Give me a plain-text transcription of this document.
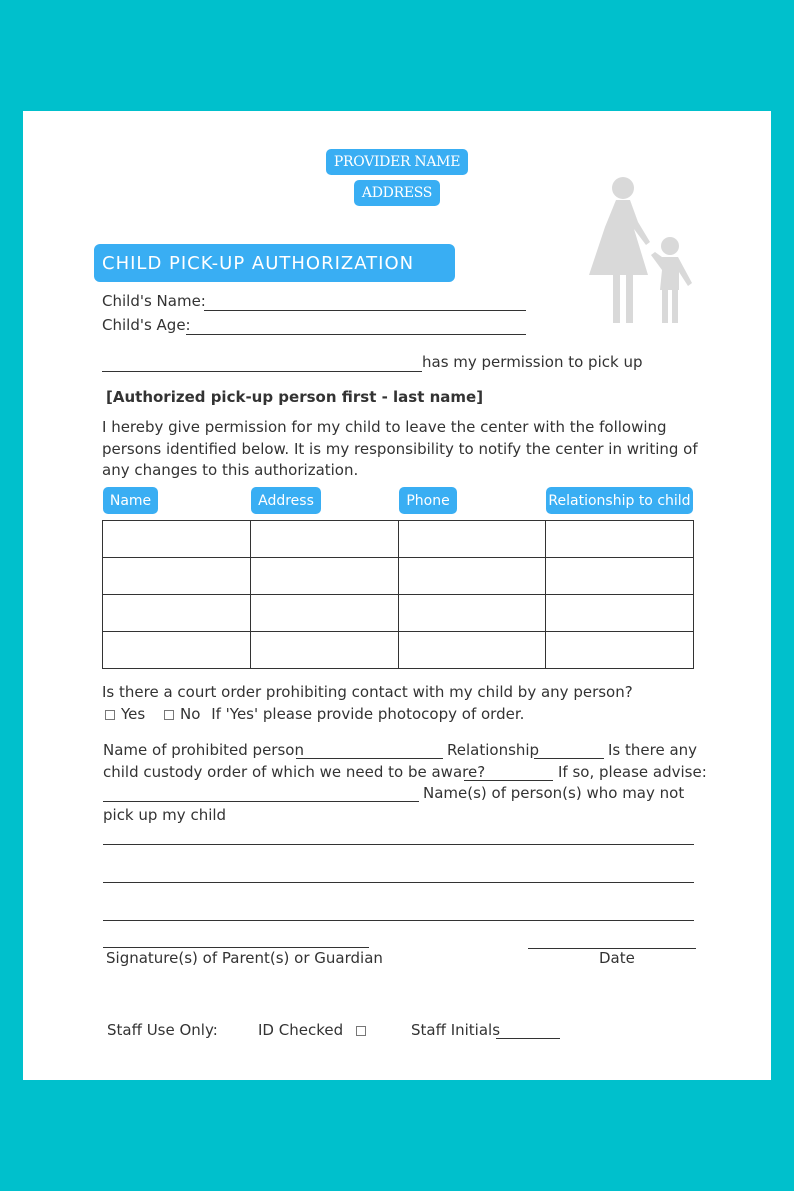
PROVIDER NAME
ADDRESS
CHILD PICK-UP AUTHORIZATION
Child's Name:
Child's Age:
has my permission to pick up
[Authorized pick-up person first - last name]
I hereby give permission for my child to leave the center with the following persons identified below. It is my responsibility to notify the center in writing of any changes to this authorization.
Name	Address	Phone	Relationship to child

Is there a court order prohibiting contact with my child by any person?
Yes No If 'Yes' please provide photocopy of order.
Name of prohibited person	Relationship	Is there any
child custody order of which we need to be aware?	If so, please advise:
Name(s) of person(s) who may not
pick up my child
Signature(s) of Parent(s) or Guardian	Date
Staff Use Only:	ID Checked	Staff Initials
